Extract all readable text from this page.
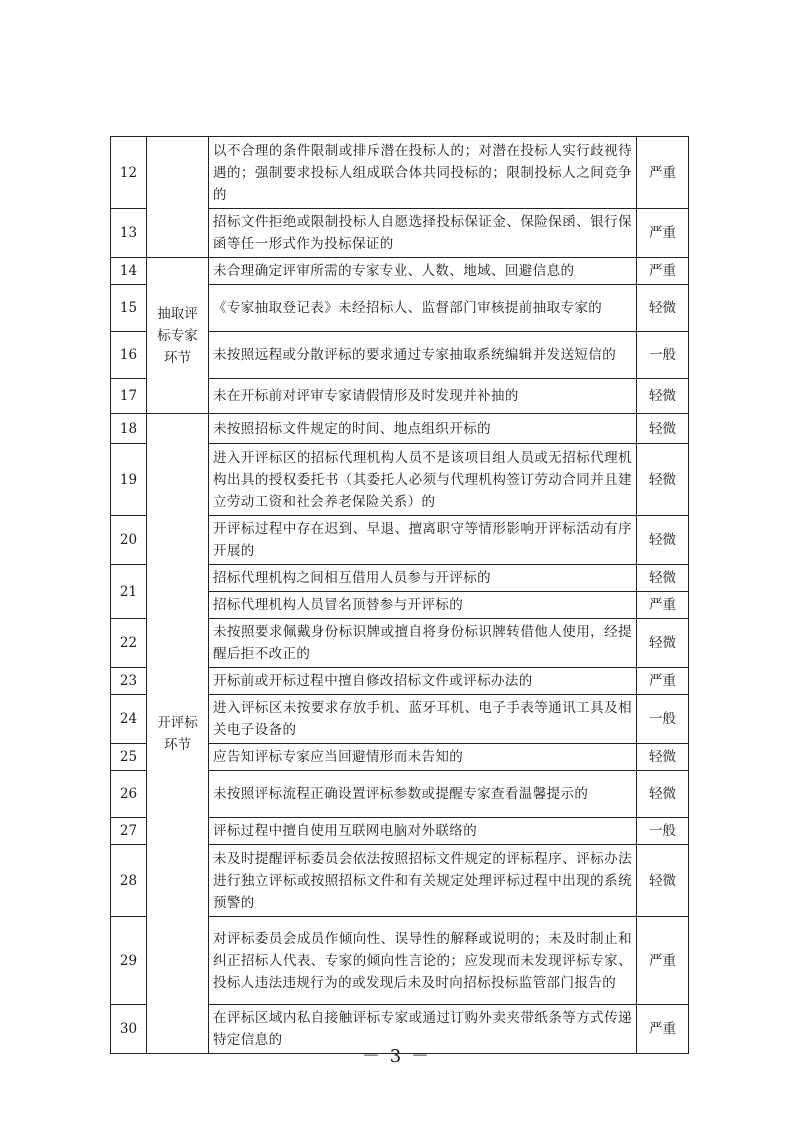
12		以不合理的条件限制或排斥潜在投标人的；对潜在投标人实行歧视待遇的；强制要求投标人组成联合体共同投标的；限制投标人之间竞争的	严重
13		招标文件拒绝或限制投标人自愿选择投标保证金、保险保函、银行保函等任一形式作为投标保证的	严重
14	抽取评标专家环节	未合理确定评审所需的专家专业、人数、地域、回避信息的	严重
15		《专家抽取登记表》未经招标人、监督部门审核提前抽取专家的	轻微
16		未按照远程或分散评标的要求通过专家抽取系统编辑并发送短信的	一般
17		未在开标前对评审专家请假情形及时发现并补抽的	轻微
18	开评标环节	未按照招标文件规定的时间、地点组织开标的	轻微
19		进入开评标区的招标代理机构人员不是该项目组人员或无招标代理机构出具的授权委托书（其委托人必须与代理机构签订劳动合同并且建立劳动工资和社会养老保险关系）的	轻微
20		开评标过程中存在迟到、早退、擅离职守等情形影响开评标活动有序开展的	轻微
21		招标代理机构之间相互借用人员参与开评标的	轻微
		招标代理机构人员冒名顶替参与开评标的	严重
22		未按照要求佩戴身份标识牌或擅自将身份标识牌转借他人使用，经提醒后拒不改正的	轻微
23		开标前或开标过程中擅自修改招标文件或评标办法的	严重
24		进入评标区未按要求存放手机、蓝牙耳机、电子手表等通讯工具及相关电子设备的	一般
25		应告知评标专家应当回避情形而未告知的	轻微
26		未按照评标流程正确设置评标参数或提醒专家查看温馨提示的	轻微
27		评标过程中擅自使用互联网电脑对外联络的	一般
28		未及时提醒评标委员会依法按照招标文件规定的评标程序、评标办法进行独立评标或按照招标文件和有关规定处理评标过程中出现的系统预警的	轻微
29		对评标委员会成员作倾向性、误导性的解释或说明的；未及时制止和纠正招标人代表、专家的倾向性言论的；应发现而未发现评标专家、投标人违法违规行为的或发现后未及时向招标投标监管部门报告的	严重
30		在评标区域内私自接触评标专家或通过订购外卖夹带纸条等方式传递特定信息的	严重
－ 3 －
